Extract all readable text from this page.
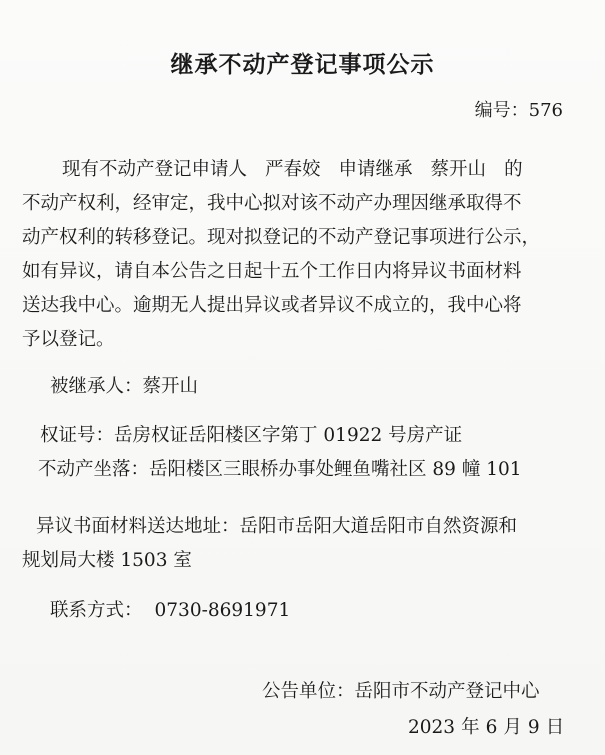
继承不动产登记事项公示
编号：576
现有不动产登记申请人 严春姣 申请继承 蔡开山 的
不动产权利，经审定，我中心拟对该不动产办理因继承取得不
动产权利的转移登记。现对拟登记的不动产登记事项进行公示，
如有异议，请自本公告之日起十五个工作日内将异议书面材料
送达我中心。逾期无人提出异议或者异议不成立的，我中心将
予以登记。
被继承人：蔡开山
权证号：岳房权证岳阳楼区字第丁 01922 号房产证
不动产坐落：岳阳楼区三眼桥办事处鲤鱼嘴社区 89 幢 101
异议书面材料送达地址：岳阳市岳阳大道岳阳市自然资源和
规划局大楼 1503 室
联系方式： 0730-8691971
公告单位：岳阳市不动产登记中心
2023 年 6 月 9 日
